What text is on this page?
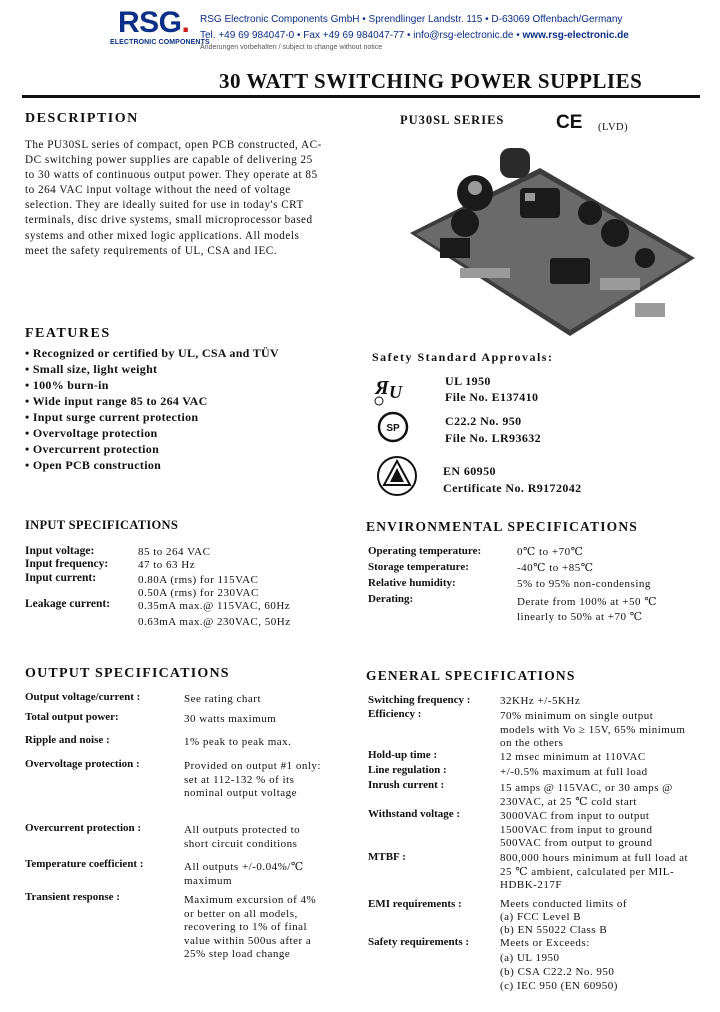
RSG.
ELECTRONIC COMPONENTS
RSG Electronic Components GmbH • Sprendlinger Landstr. 115 • D-63069 Offenbach/Germany
Tel. +49 69 984047-0 • Fax +49 69 984047-77 • info@rsg-electronic.de • www.rsg-electronic.de
Änderungen vorbehalten / subject to change without notice
30 WATT SWITCHING POWER SUPPLIES
DESCRIPTION
The PU30SL series of compact, open PCB constructed, AC-DC switching power supplies are capable of delivering 25 to 30 watts of continuous output power. They operate at 85 to 264 VAC input voltage without the need of voltage selection. They are ideally suited for use in today's CRT terminals, disc drive systems, small microprocessor based systems and other mixed logic applications. All models meet the safety requirements of UL, CSA and IEC.
PU30SL SERIES	CE (LVD)
FEATURES
• Recognized or certified by UL, CSA and TÜV
• Small size, light weight
• 100% burn-in
• Wide input range 85 to 264 VAC
• Input surge current protection
• Overvoltage protection
• Overcurrent protection
• Open PCB construction
Safety Standard Approvals:
Я U
UL 1950
File No. E137410
SP
C22.2 No. 950
File No. LR93632
EN 60950
Certificate No. R9172042
INPUT SPECIFICATIONS
Input voltage:	85 to 264 VAC
Input frequency:	47 to 63 Hz
Input current:	0.80A (rms) for 115VAC
0.50A (rms) for 230VAC
Leakage current:	0.35mA max.@ 115VAC, 60Hz
0.63mA max.@ 230VAC, 50Hz
ENVIRONMENTAL SPECIFICATIONS
Operating temperature:	0℃ to +70℃
Storage temperature:	-40℃ to +85℃
Relative humidity:	5% to 95% non-condensing
Derating:	Derate from 100% at +50 ℃
linearly to 50% at +70 ℃
OUTPUT SPECIFICATIONS
Output voltage/current :	See rating chart
Total output power:	30 watts maximum
Ripple and noise :	1% peak to peak max.
Overvoltage protection :	Provided on output #1 only: set at 112-132 % of its nominal output voltage
Overcurrent protection :	All outputs protected to short circuit conditions
Temperature coefficient :	All outputs +/-0.04%/℃ maximum
Transient response :	Maximum excursion of 4% or better on all models, recovering to 1% of final value within 500us after a 25% step load change
GENERAL SPECIFICATIONS
Switching frequency :	32KHz +/-5KHz
Efficiency :	70% minimum on single output models with Vo ≥ 15V, 65% minimum on the others
Hold-up time :	12 msec minimum at 110VAC
Line regulation :	+/-0.5% maximum at full load
Inrush current :	15 amps @ 115VAC, or 30 amps @ 230VAC, at 25 ℃ cold start
Withstand voltage :	3000VAC from input to output 1500VAC from input to ground 500VAC from output to ground
MTBF :	800,000 hours minimum at full load at 25 ℃ ambient, calculated per MIL-HDBK-217F
EMI requirements :	Meets conducted limits of
(a) FCC Level B
(b) EN 55022 Class B
Safety requirements :	Meets or Exceeds:
(a) UL 1950
(b) CSA C22.2 No. 950
(c) IEC 950 (EN 60950)
